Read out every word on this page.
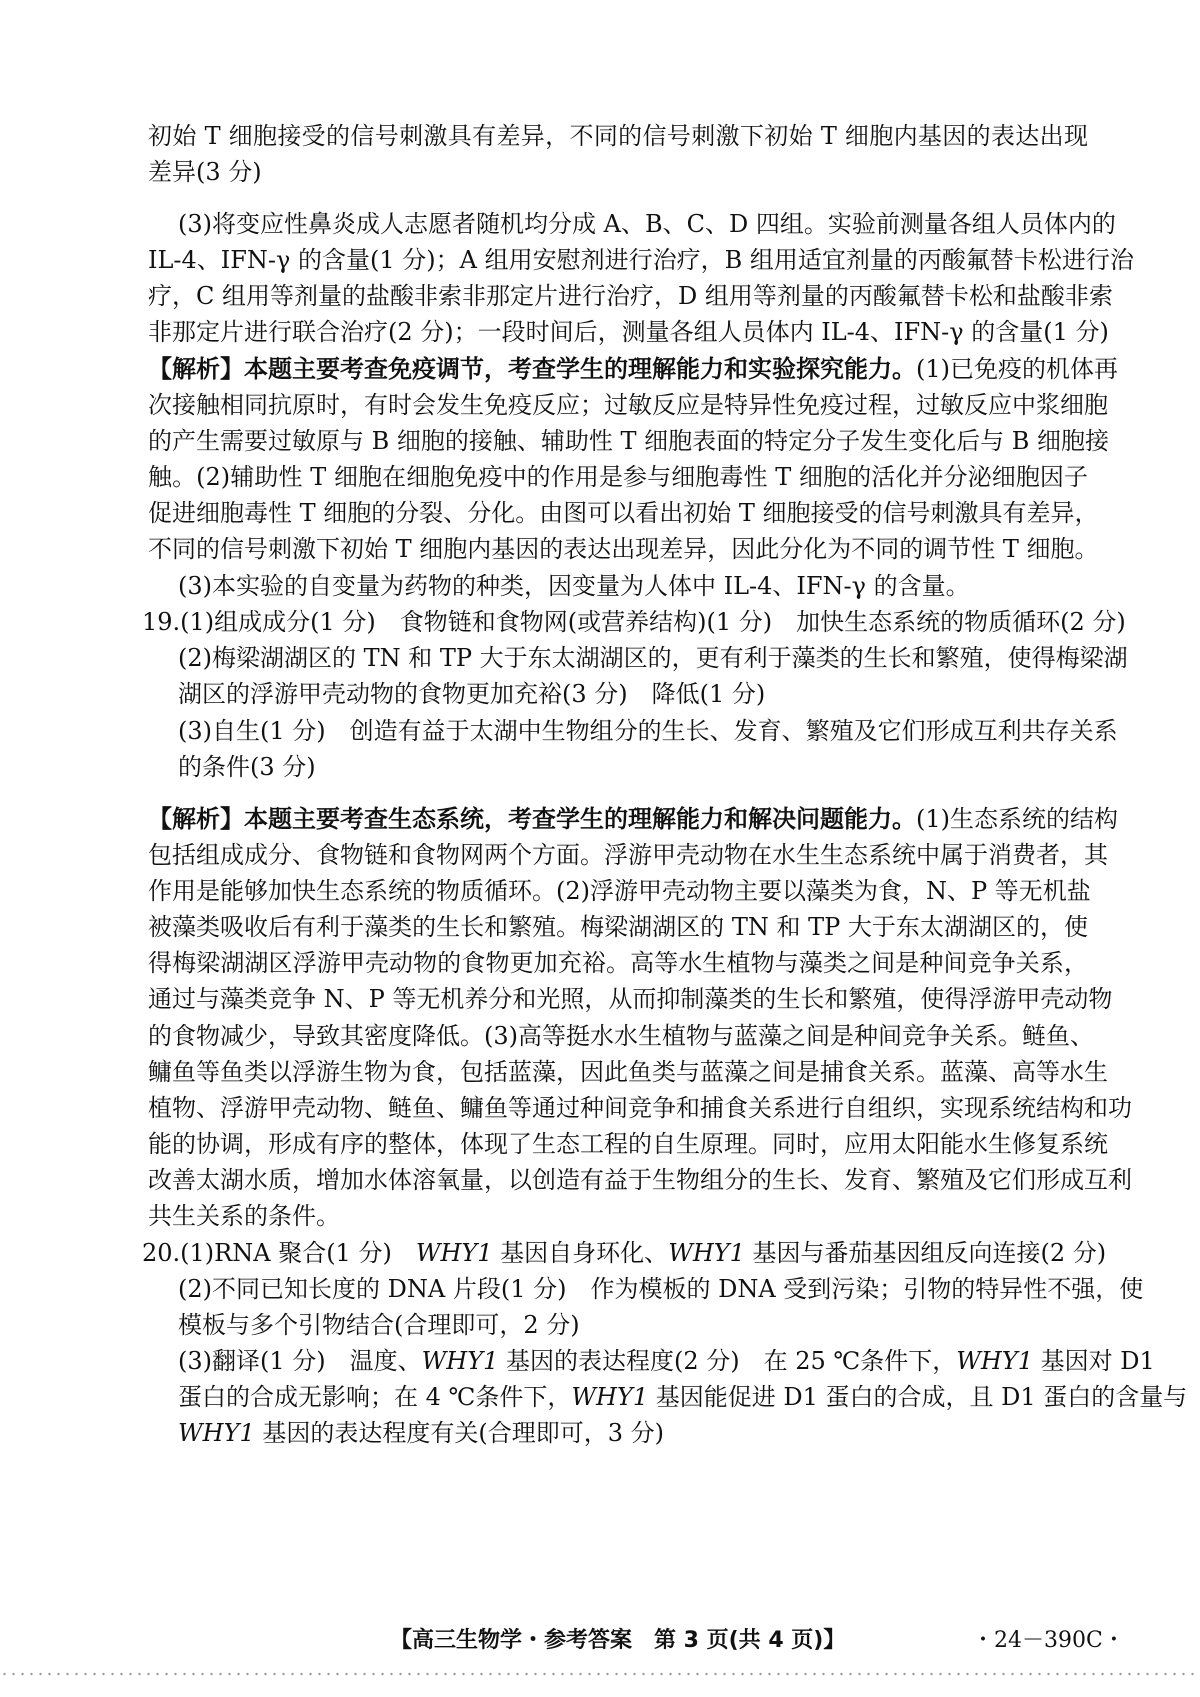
初始 T 细胞接受的信号刺激具有差异，不同的信号刺激下初始 T 细胞内基因的表达出现
差异(3 分)
(3)将变应性鼻炎成人志愿者随机均分成 A、B、C、D 四组。实验前测量各组人员体内的
IL-4、IFN-γ 的含量(1 分)；A 组用安慰剂进行治疗，B 组用适宜剂量的丙酸氟替卡松进行治
疗，C 组用等剂量的盐酸非索非那定片进行治疗，D 组用等剂量的丙酸氟替卡松和盐酸非索
非那定片进行联合治疗(2 分)；一段时间后，测量各组人员体内 IL-4、IFN-γ 的含量(1 分)
【解析】本题主要考查免疫调节，考查学生的理解能力和实验探究能力。(1)已免疫的机体再
次接触相同抗原时，有时会发生免疫反应；过敏反应是特异性免疫过程，过敏反应中浆细胞
的产生需要过敏原与 B 细胞的接触、辅助性 T 细胞表面的特定分子发生变化后与 B 细胞接
触。(2)辅助性 T 细胞在细胞免疫中的作用是参与细胞毒性 T 细胞的活化并分泌细胞因子
促进细胞毒性 T 细胞的分裂、分化。由图可以看出初始 T 细胞接受的信号刺激具有差异，
不同的信号刺激下初始 T 细胞内基因的表达出现差异，因此分化为不同的调节性 T 细胞。
(3)本实验的自变量为药物的种类，因变量为人体中 IL-4、IFN-γ 的含量。
19.(1)组成成分(1 分)　食物链和食物网(或营养结构)(1 分)　加快生态系统的物质循环(2 分)
(2)梅梁湖湖区的 TN 和 TP 大于东太湖湖区的，更有利于藻类的生长和繁殖，使得梅梁湖
湖区的浮游甲壳动物的食物更加充裕(3 分)　降低(1 分)
(3)自生(1 分)　创造有益于太湖中生物组分的生长、发育、繁殖及它们形成互利共存关系
的条件(3 分)
【解析】本题主要考查生态系统，考查学生的理解能力和解决问题能力。(1)生态系统的结构
包括组成成分、食物链和食物网两个方面。浮游甲壳动物在水生生态系统中属于消费者，其
作用是能够加快生态系统的物质循环。(2)浮游甲壳动物主要以藻类为食，N、P 等无机盐
被藻类吸收后有利于藻类的生长和繁殖。梅梁湖湖区的 TN 和 TP 大于东太湖湖区的，使
得梅梁湖湖区浮游甲壳动物的食物更加充裕。高等水生植物与藻类之间是种间竞争关系，
通过与藻类竞争 N、P 等无机养分和光照，从而抑制藻类的生长和繁殖，使得浮游甲壳动物
的食物减少，导致其密度降低。(3)高等挺水水生植物与蓝藻之间是种间竞争关系。鲢鱼、
鳙鱼等鱼类以浮游生物为食，包括蓝藻，因此鱼类与蓝藻之间是捕食关系。蓝藻、高等水生
植物、浮游甲壳动物、鲢鱼、鳙鱼等通过种间竞争和捕食关系进行自组织，实现系统结构和功
能的协调，形成有序的整体，体现了生态工程的自生原理。同时，应用太阳能水生修复系统
改善太湖水质，增加水体溶氧量，以创造有益于生物组分的生长、发育、繁殖及它们形成互利
共生关系的条件。
20.(1)RNA 聚合(1 分)　WHY1 基因自身环化、WHY1 基因与番茄基因组反向连接(2 分)
(2)不同已知长度的 DNA 片段(1 分)　作为模板的 DNA 受到污染；引物的特异性不强，使
模板与多个引物结合(合理即可，2 分)
(3)翻译(1 分)　温度、WHY1 基因的表达程度(2 分)　在 25 ℃条件下，WHY1 基因对 D1
蛋白的合成无影响；在 4 ℃条件下，WHY1 基因能促进 D1 蛋白的合成，且 D1 蛋白的含量与
WHY1 基因的表达程度有关(合理即可，3 分)
【高三生物学・参考答案　第 3 页(共 4 页)】	・24－390C・
